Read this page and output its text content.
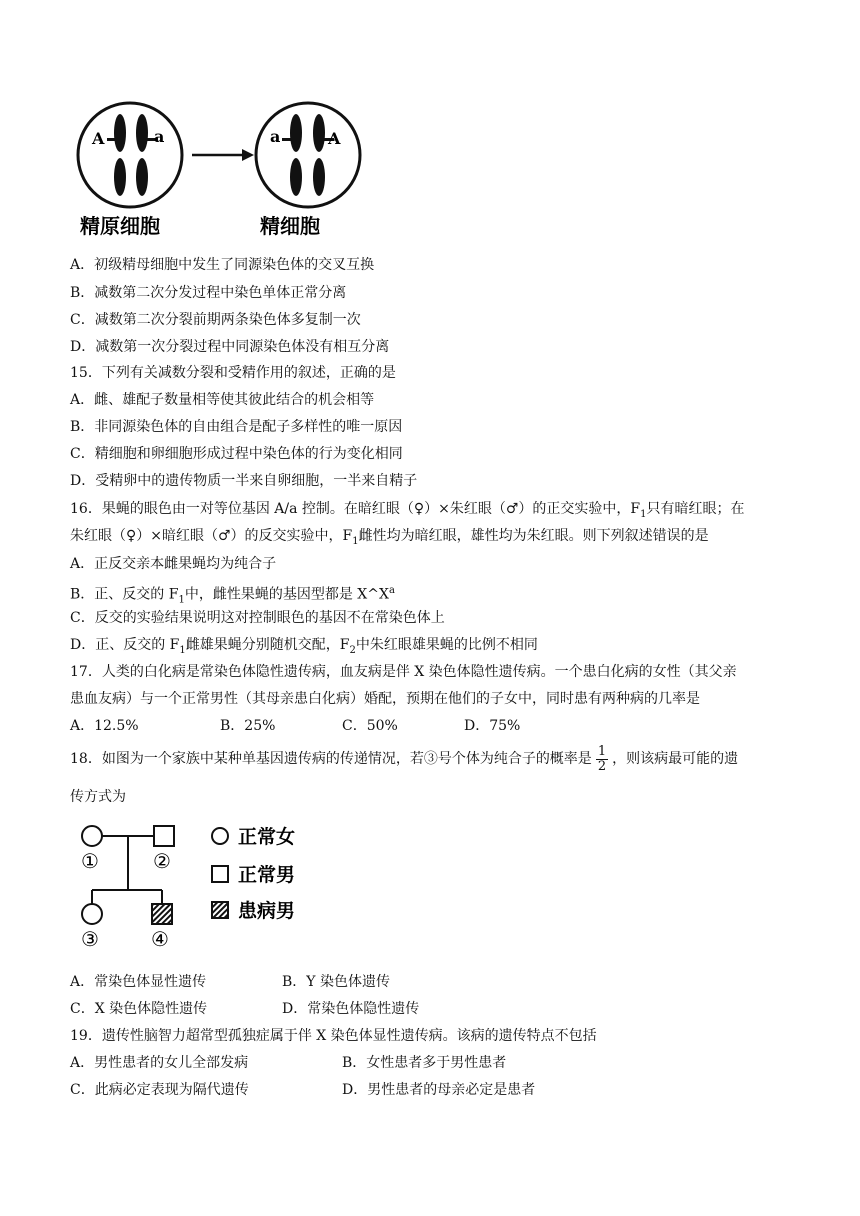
A	a	a	A
精原细胞	精细胞
A．初级精母细胞中发生了同源染色体的交叉互换
B．减数第二次分发过程中染色单体正常分离
C．减数第二次分裂前期两条染色体多复制一次
D．减数第一次分裂过程中同源染色体没有相互分离
15．下列有关减数分裂和受精作用的叙述，正确的是
A．雌、雄配子数量相等使其彼此结合的机会相等
B．非同源染色体的自由组合是配子多样性的唯一原因
C．精细胞和卵细胞形成过程中染色体的行为变化相同
D．受精卵中的遗传物质一半来自卵细胞，一半来自精子
16．果蝇的眼色由一对等位基因 A/a 控制。在暗红眼（♀）×朱红眼（♂）的正交实验中，$F_1$只有暗红眼；在
朱红眼（♀）×暗红眼（♂）的反交实验中，$F_1$雌性均为暗红眼，雄性均为朱红眼。则下列叙述错误的是
A．正反交亲本雌果蝇均为纯合子
B．正、反交的 $F_1$中，雌性果蝇的基因型都是 $X\^{}X^a$
C．反交的实验结果说明这对控制眼色的基因不在常染色体上
D．正、反交的 $F_1$雌雄果蝇分别随机交配，$F_2$中朱红眼雄果蝇的比例不相同
17．人类的白化病是常染色体隐性遗传病，血友病是伴 X 染色体隐性遗传病。一个患白化病的女性（其父亲
患血友病）与一个正常男性（其母亲患白化病）婚配，预期在他们的子女中，同时患有两种病的几率是
A．12.5%	B．25%	C．50%	D．75%
18．如图为一个家族中某种单基因遗传病的传递情况，若③号个体为纯合子的概率是 $\frac{1}{2}$ ，则该病最可能的遗
传方式为
①	②
③	④
正常女
正常男
患病男
A．常染色体显性遗传	B．Y 染色体遗传
C．X 染色体隐性遗传	D．常染色体隐性遗传
19．遗传性脑智力超常型孤独症属于伴 X 染色体显性遗传病。该病的遗传特点不包括
A．男性患者的女儿全部发病	B．女性患者多于男性患者
C．此病必定表现为隔代遗传	D．男性患者的母亲必定是患者
